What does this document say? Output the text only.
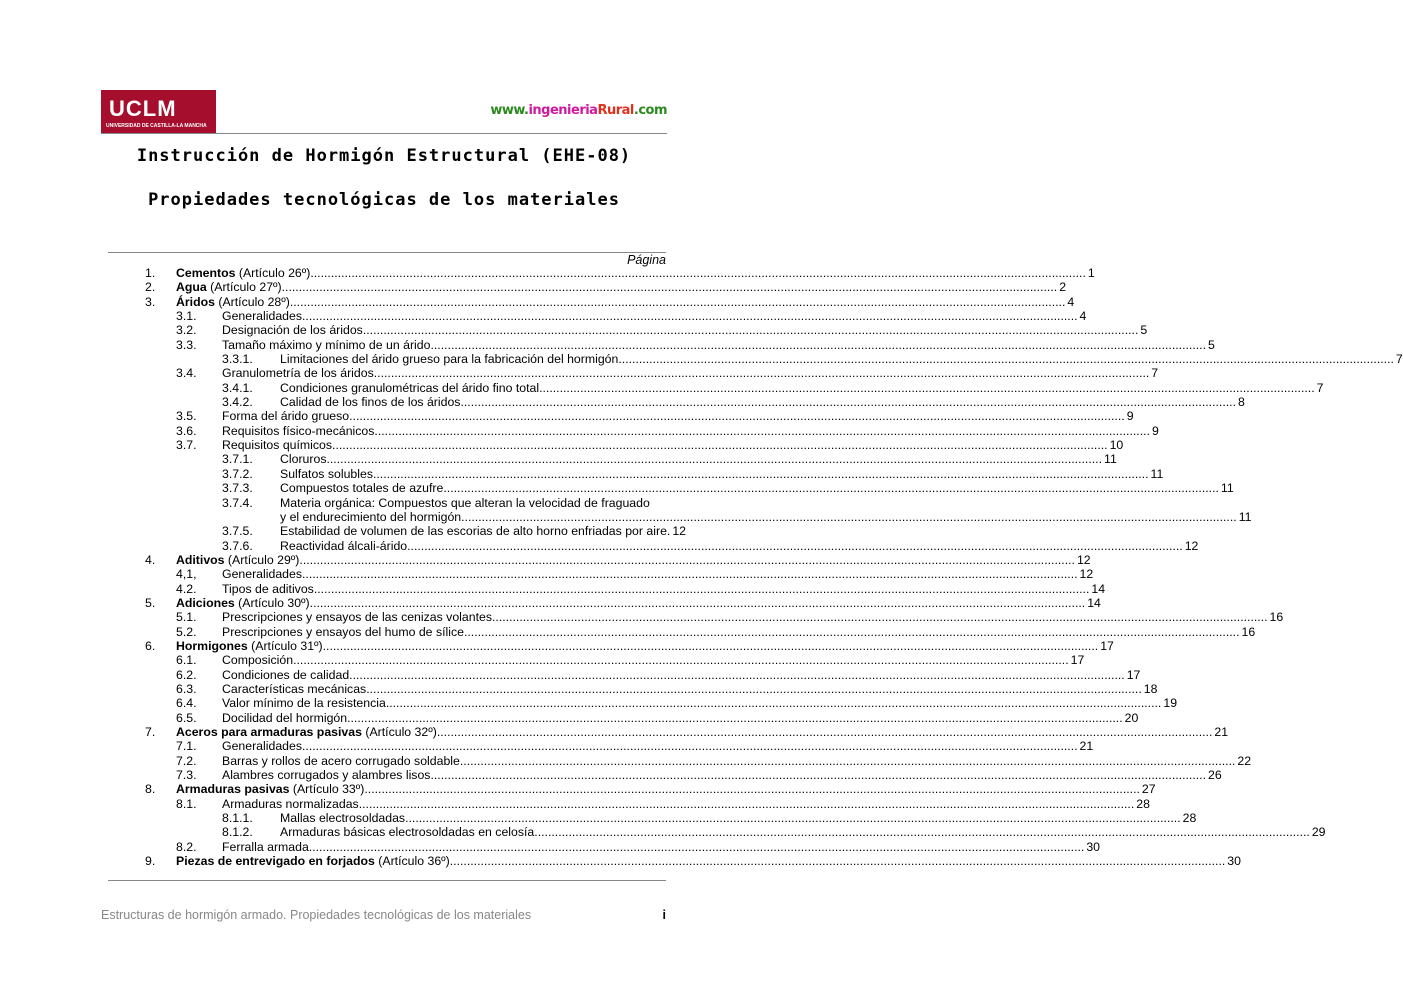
UCLM
UNIVERSIDAD DE CASTILLA-LA MANCHA
www.ingenieriaRural.com
Instrucción de Hormigón Estructural (EHE-08)
Propiedades tecnológicas de los materiales
Página
1. Cementos (Artículo 26º) .....	1
2. Agua (Artículo 27º) .....	2
3. Áridos (Artículo 28º) .....	4
3.1. Generalidades .....	4
3.2. Designación de los áridos .....	5
3.3. Tamaño máximo y mínimo de un árido .....	5
3.3.1. Limitaciones del árido grueso para la fabricación del hormigón .....	7
3.4. Granulometría de los áridos .....	7
3.4.1. Condiciones granulométricas del árido fino total .....	7
3.4.2. Calidad de los finos de los áridos .....	8
3.5. Forma del árido grueso .....	9
3.6. Requisitos físico-mecánicos .....	9
3.7. Requisitos químicos .....	10
3.7.1. Cloruros .....	11
3.7.2. Sulfatos solubles .....	11
3.7.3. Compuestos totales de azufre .....	11
3.7.4. Materia orgánica: Compuestos que alteran la velocidad de fraguado
y el endurecimiento del hormigón .....	11
3.7.5. Estabilidad de volumen de las escorias de alto horno enfriadas por aire. 12
3.7.6. Reactividad álcali-árido .....	12
4. Aditivos (Artículo 29º) .....	12
4,1, Generalidades .....	12
4.2. Tipos de aditivos .....	14
5. Adiciones (Artículo 30º) .....	14
5.1. Prescripciones y ensayos de las cenizas volantes .....	16
5.2. Prescripciones y ensayos del humo de sílice .....	16
6. Hormigones (Artículo 31º) .....	17
6.1. Composición .....	17
6.2. Condiciones de calidad .....	17
6.3. Características mecánicas .....	18
6.4. Valor mínimo de la resistencia .....	19
6.5. Docilidad del hormigón .....	20
7. Aceros para armaduras pasivas (Artículo 32º) .....	21
7.1. Generalidades .....	21
7.2. Barras y rollos de acero corrugado soldable .....	22
7.3. Alambres corrugados y alambres lisos .....	26
8. Armaduras pasivas (Artículo 33º) .....	27
8.1. Armaduras normalizadas .....	28
8.1.1. Mallas electrosoldadas .....	28
8.1.2. Armaduras básicas electrosoldadas en celosía .....	29
8.2. Ferralla armada .....	30
9. Piezas de entrevigado en forjados (Artículo 36º) .....	30
Estructuras de hormigón armado. Propiedades tecnológicas de los materiales	i
